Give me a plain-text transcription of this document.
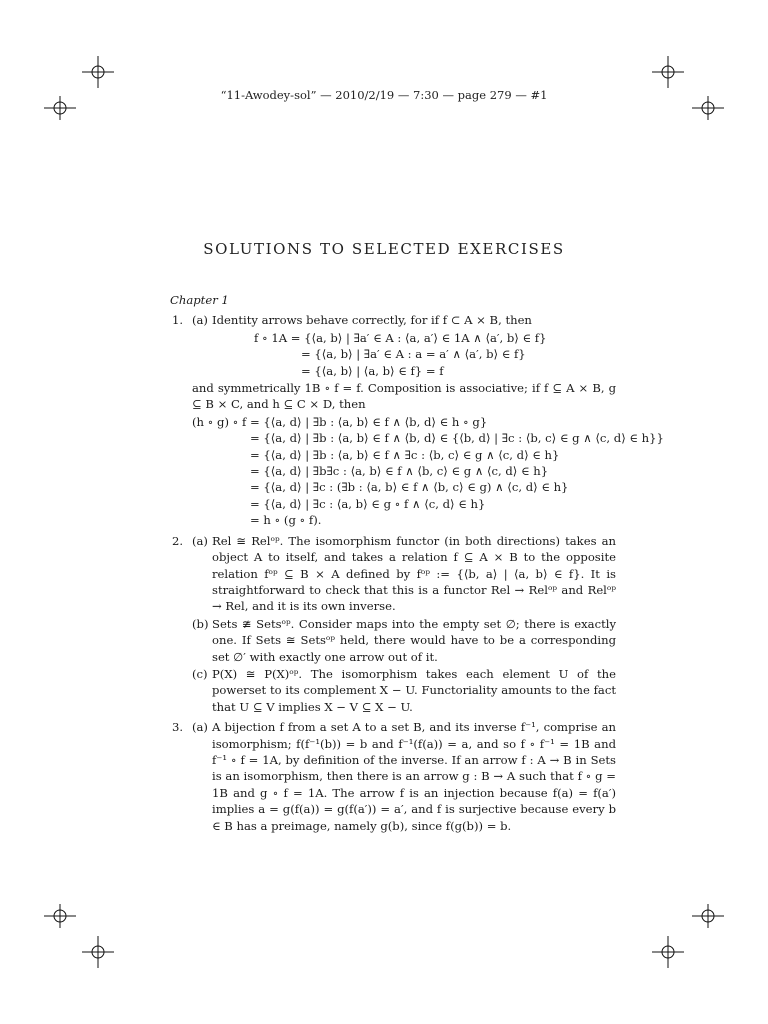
“11-Awodey-sol” — 2010/2/19 — 7:30 — page 279 — #1
SOLUTIONS TO SELECTED EXERCISES
Chapter 1
1. (a) Identity arrows behave correctly, for if f ⊂ A × B, then
f ∘ 1A = {⟨a, b⟩ | ∃a′ ∈ A : ⟨a, a′⟩ ∈ 1A ∧ ⟨a′, b⟩ ∈ f}
= {⟨a, b⟩ | ∃a′ ∈ A : a = a′ ∧ ⟨a′, b⟩ ∈ f}
= {⟨a, b⟩ | ⟨a, b⟩ ∈ f} = f
and symmetrically 1B ∘ f = f. Composition is associative; if f ⊆ A × B, g ⊆ B × C, and h ⊆ C × D, then
(h ∘ g) ∘ f = {⟨a, d⟩ | ∃b : ⟨a, b⟩ ∈ f ∧ ⟨b, d⟩ ∈ h ∘ g}
= {⟨a, d⟩ | ∃b : ⟨a, b⟩ ∈ f ∧ ⟨b, d⟩ ∈ {⟨b, d⟩ | ∃c : ⟨b, c⟩ ∈ g ∧ ⟨c, d⟩ ∈ h}}
= {⟨a, d⟩ | ∃b : ⟨a, b⟩ ∈ f ∧ ∃c : ⟨b, c⟩ ∈ g ∧ ⟨c, d⟩ ∈ h}
= {⟨a, d⟩ | ∃b∃c : ⟨a, b⟩ ∈ f ∧ ⟨b, c⟩ ∈ g ∧ ⟨c, d⟩ ∈ h}
= {⟨a, d⟩ | ∃c : (∃b : ⟨a, b⟩ ∈ f ∧ ⟨b, c⟩ ∈ g) ∧ ⟨c, d⟩ ∈ h}
= {⟨a, d⟩ | ∃c : ⟨a, b⟩ ∈ g ∘ f ∧ ⟨c, d⟩ ∈ h}
= h ∘ (g ∘ f).
2. (a) Rel ≅ Relᵒᵖ. The isomorphism functor (in both directions) takes an object A to itself, and takes a relation f ⊆ A × B to the opposite relation fᵒᵖ ⊆ B × A defined by fᵒᵖ := {⟨b, a⟩ | ⟨a, b⟩ ∈ f}. It is straightforward to check that this is a functor Rel → Relᵒᵖ and Relᵒᵖ → Rel, and it is its own inverse.
(b) Sets ≇ Setsᵒᵖ. Consider maps into the empty set ∅; there is exactly one. If Sets ≅ Setsᵒᵖ held, there would have to be a corresponding set ∅′ with exactly one arrow out of it.
(c) P(X) ≅ P(X)ᵒᵖ. The isomorphism takes each element U of the powerset to its complement X − U. Functoriality amounts to the fact that U ⊆ V implies X − V ⊆ X − U.
3. (a) A bijection f from a set A to a set B, and its inverse f⁻¹, comprise an isomorphism; f(f⁻¹(b)) = b and f⁻¹(f(a)) = a, and so f ∘ f⁻¹ = 1B and f⁻¹ ∘ f = 1A, by definition of the inverse. If an arrow f : A → B in Sets is an isomorphism, then there is an arrow g : B → A such that f ∘ g = 1B and g ∘ f = 1A. The arrow f is an injection because f(a) = f(a′) implies a = g(f(a)) = g(f(a′)) = a′, and f is surjective because every b ∈ B has a preimage, namely g(b), since f(g(b)) = b.
